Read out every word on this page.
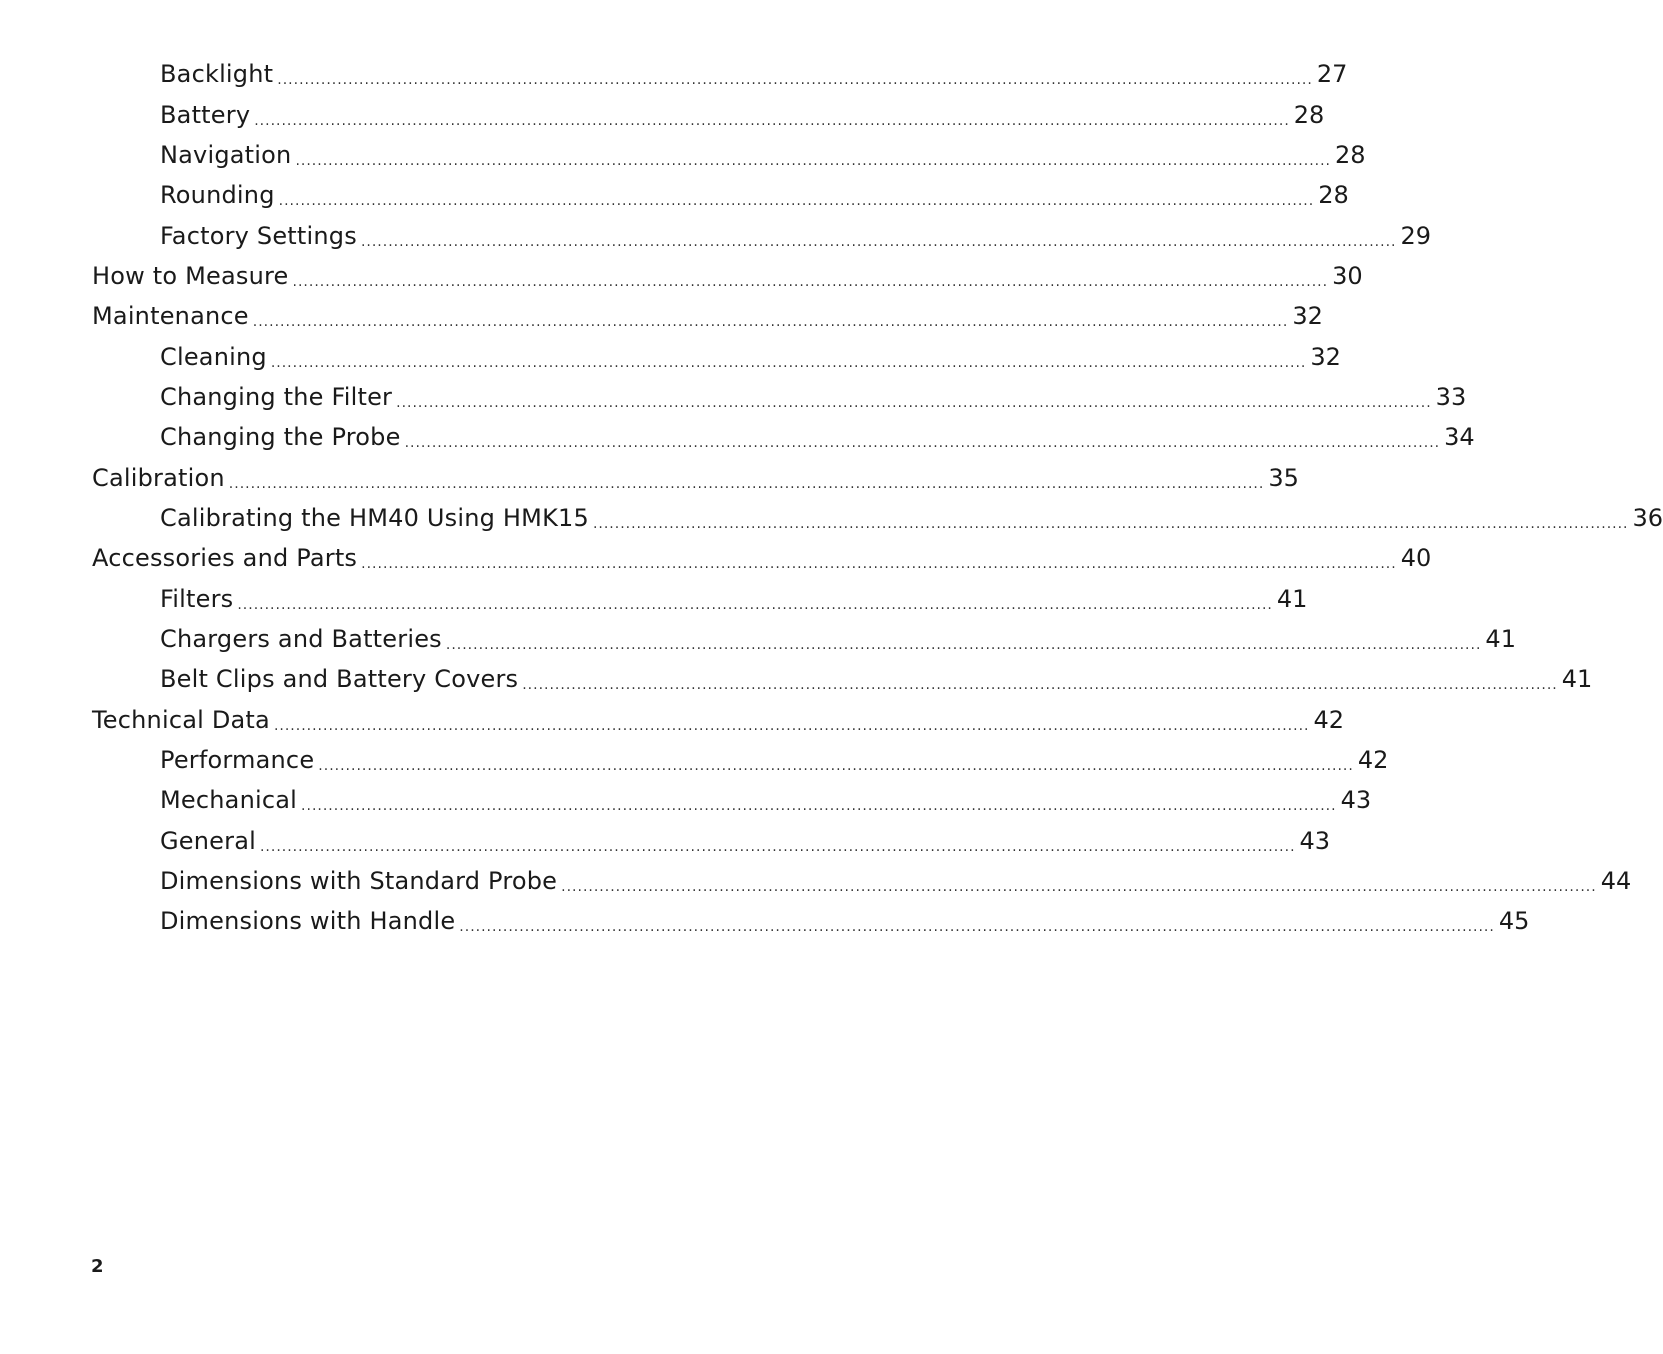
Backlight .....	27
Battery .....	28
Navigation .....	28
Rounding .....	28
Factory Settings .....	29
How to Measure .....	30
Maintenance .....	32
Cleaning .....	32
Changing the Filter .....	33
Changing the Probe .....	34
Calibration .....	35
Calibrating the HM40 Using HMK15 .....	36
Accessories and Parts .....	40
Filters .....	41
Chargers and Batteries .....	41
Belt Clips and Battery Covers .....	41
Technical Data .....	42
Performance .....	42
Mechanical .....	43
General .....	43
Dimensions with Standard Probe .....	44
Dimensions with Handle .....	45
2
